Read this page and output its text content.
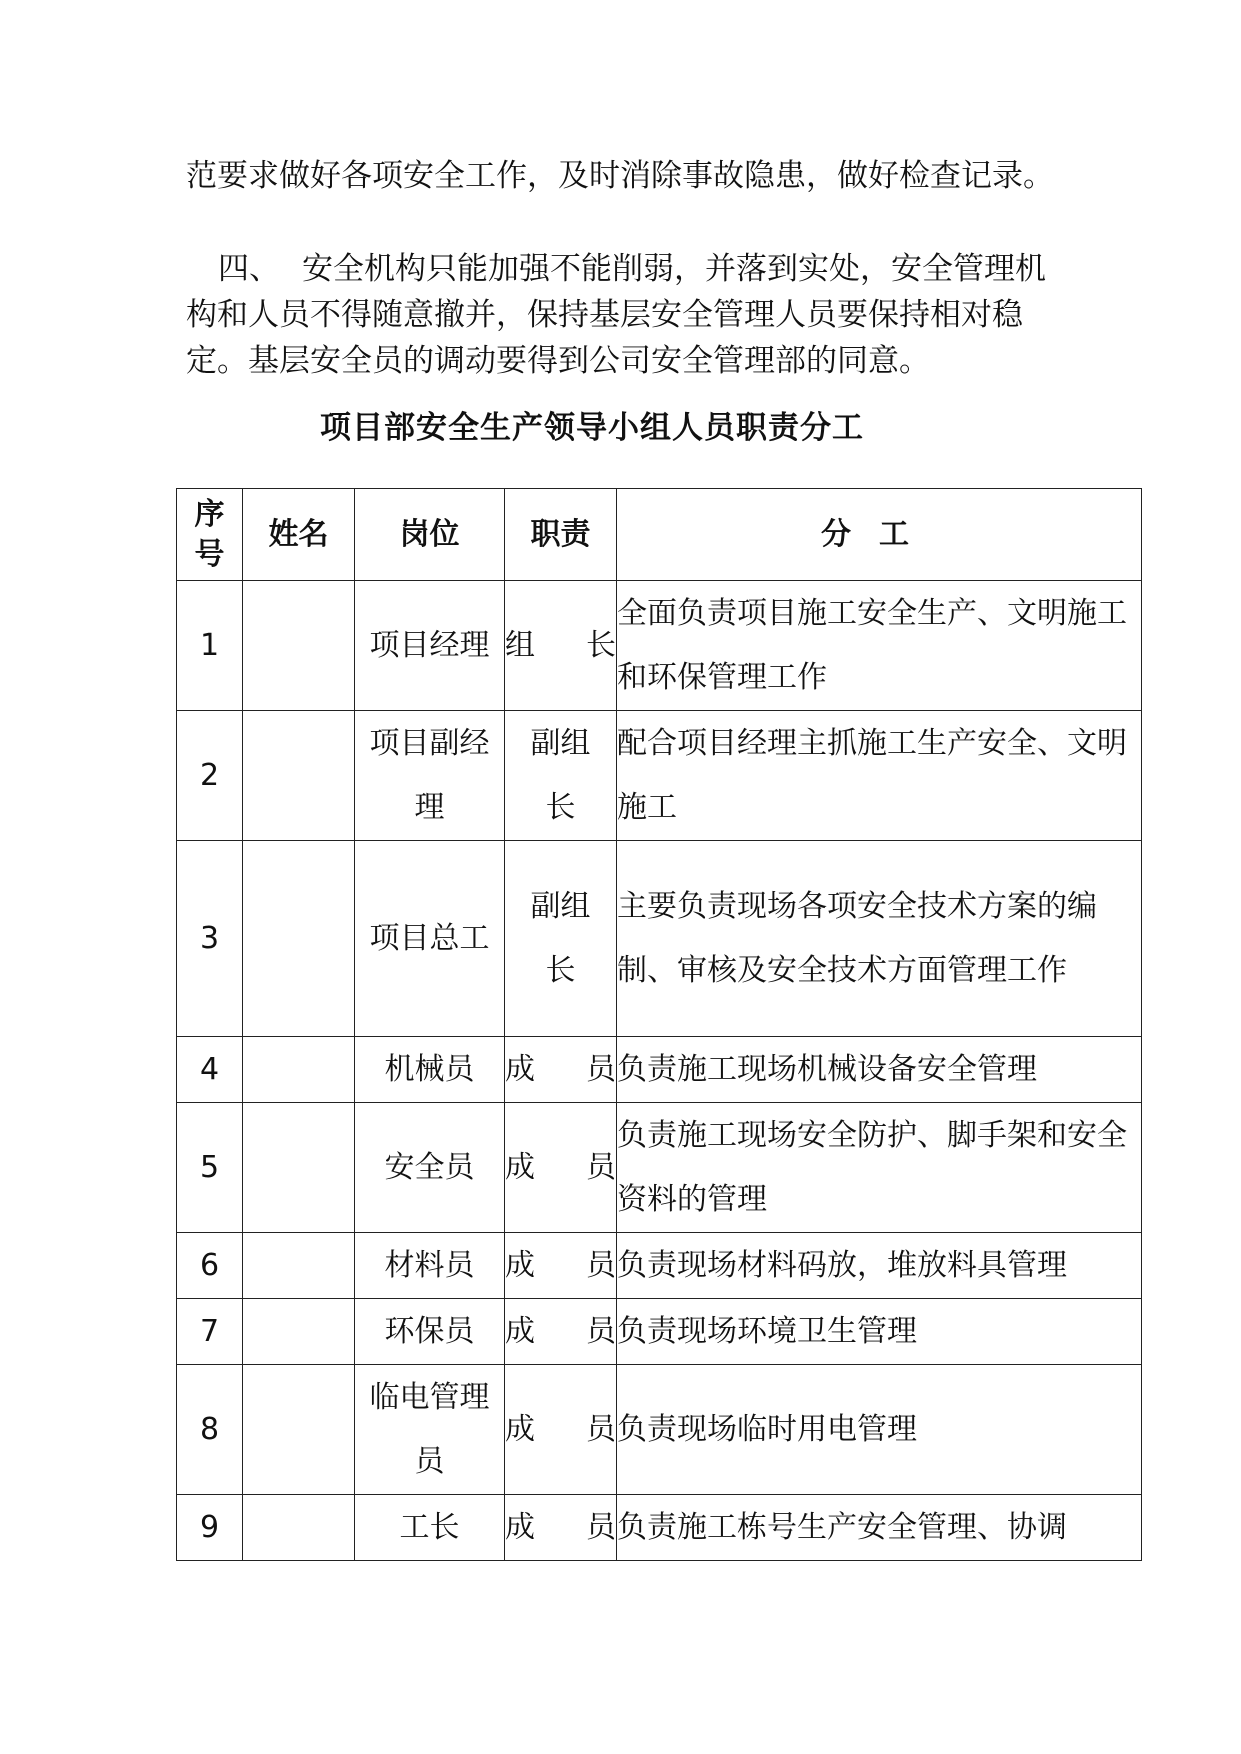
范要求做好各项安全工作，及时消除事故隐患，做好检查记录。

四、 安全机构只能加强不能削弱，并落到实处，安全管理机构和人员不得随意撤并，保持基层安全管理人员要保持相对稳定。基层安全员的调动要得到公司安全管理部的同意。

项目部安全生产领导小组人员职责分工
序号	姓名	岗位	职责	分工
1		项目经理	组长	全面负责项目施工安全生产、文明施工和环保管理工作
2		项目副经理	副组长	配合项目经理主抓施工生产安全、文明施工
3		项目总工	副组长	主要负责现场各项安全技术方案的编制、审核及安全技术方面管理工作
4		机械员	成员	负责施工现场机械设备安全管理
5		安全员	成员	负责施工现场安全防护、脚手架和安全资料的管理
6		材料员	成员	负责现场材料码放，堆放料具管理
7		环保员	成员	负责现场环境卫生管理
8		临电管理员	成员	负责现场临时用电管理
9		工长	成员	负责施工栋号生产安全管理、协调
